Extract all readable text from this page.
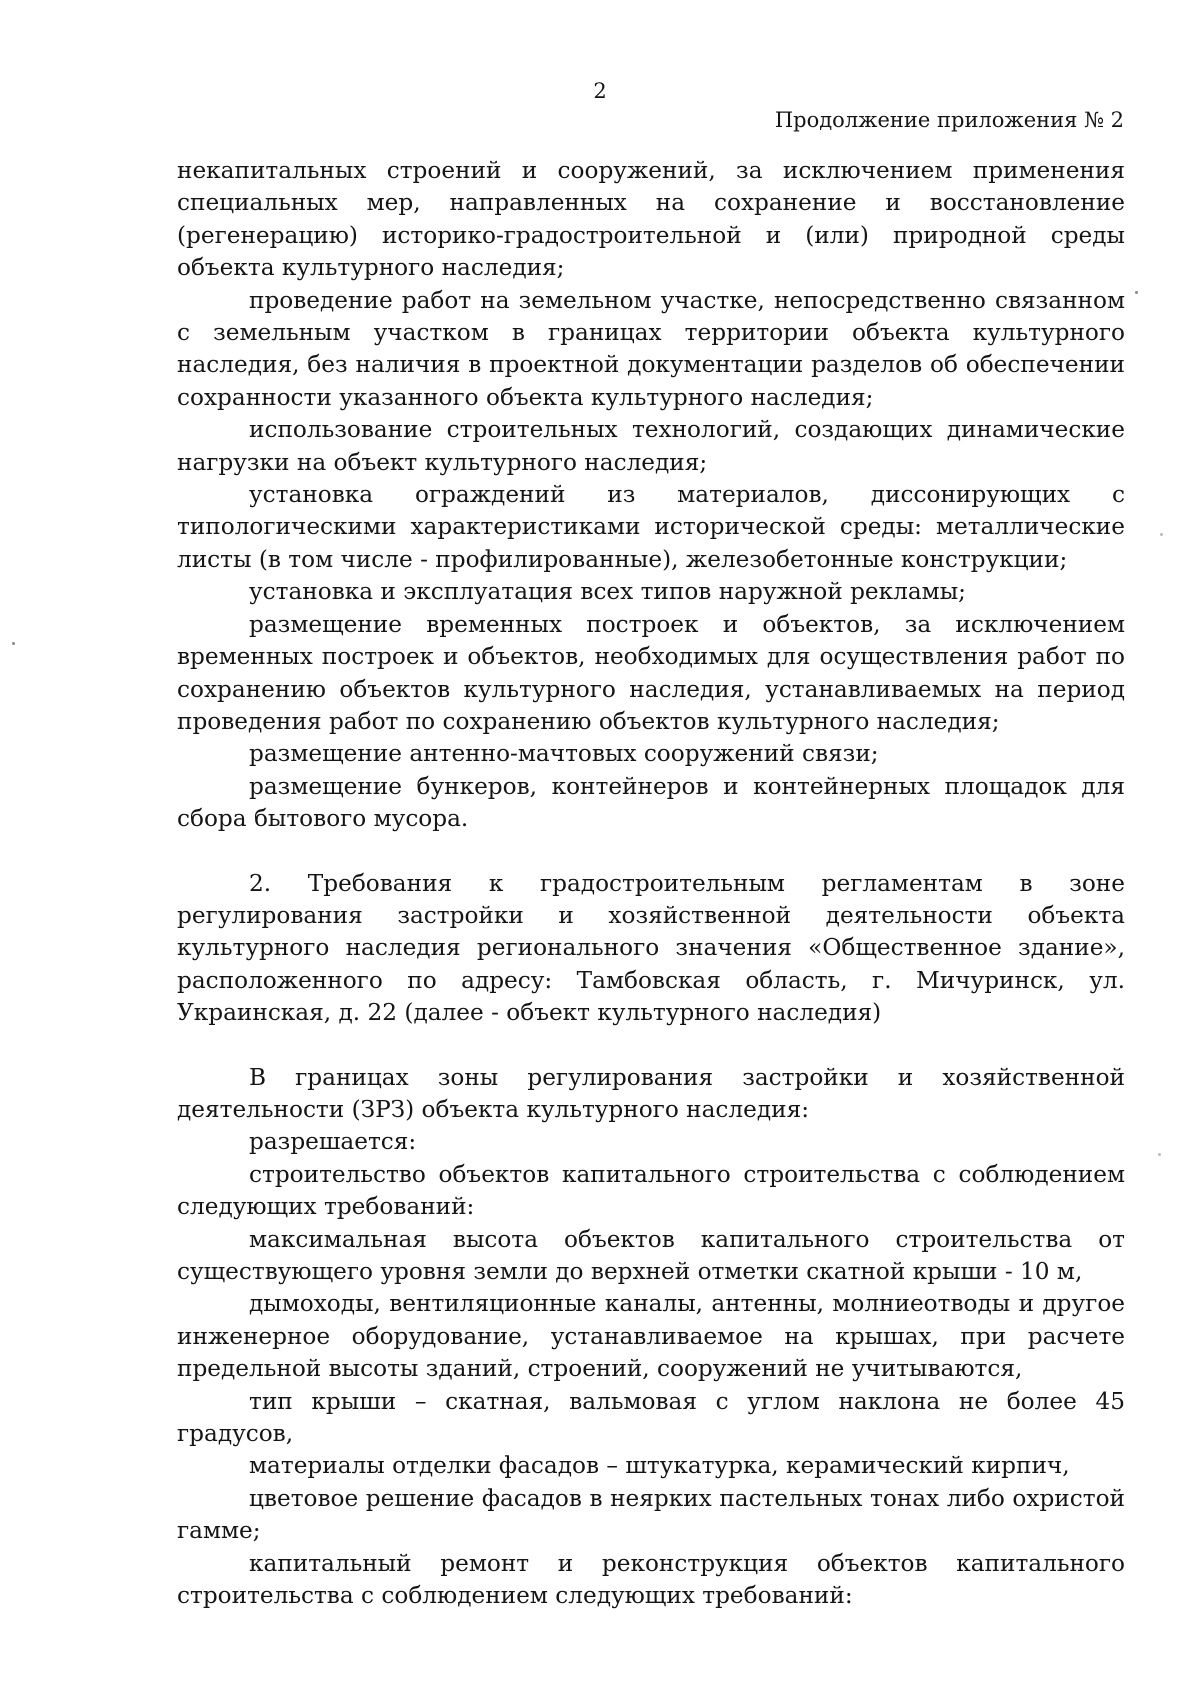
2
Продолжение приложения № 2

некапитальных строений и сооружений, за исключением применения специальных мер, направленных на сохранение и восстановление (регенерацию) историко-градостроительной и (или) природной среды объекта культурного наследия;

проведение работ на земельном участке, непосредственно связанном с земельным участком в границах территории объекта культурного наследия, без наличия в проектной документации разделов об обеспечении сохранности указанного объекта культурного наследия;

использование строительных технологий, создающих динамические нагрузки на объект культурного наследия;

установка ограждений из материалов, диссонирующих с типологическими характеристиками исторической среды: металлические листы (в том числе - профилированные), железобетонные конструкции;

установка и эксплуатация всех типов наружной рекламы;

размещение временных построек и объектов, за исключением временных построек и объектов, необходимых для осуществления работ по сохранению объектов культурного наследия, устанавливаемых на период проведения работ по сохранению объектов культурного наследия;

размещение антенно-мачтовых сооружений связи;

размещение бункеров, контейнеров и контейнерных площадок для сбора бытового мусора.

2. Требования к градостроительным регламентам в зоне регулирования застройки и хозяйственной деятельности объекта культурного наследия регионального значения «Общественное здание», расположенного по адресу: Тамбовская область, г. Мичуринск, ул. Украинская, д. 22 (далее - объект культурного наследия)

В границах зоны регулирования застройки и хозяйственной деятельности (ЗРЗ) объекта культурного наследия:

разрешается:

строительство объектов капитального строительства с соблюдением следующих требований:

максимальная высота объектов капитального строительства от существующего уровня земли до верхней отметки скатной крыши - 10 м,

дымоходы, вентиляционные каналы, антенны, молниеотводы и другое инженерное оборудование, устанавливаемое на крышах, при расчете предельной высоты зданий, строений, сооружений не учитываются,

тип крыши – скатная, вальмовая с углом наклона не более 45 градусов,

материалы отделки фасадов – штукатурка, керамический кирпич,

цветовое решение фасадов в неярких пастельных тонах либо охристой гамме;

капитальный ремонт и реконструкция объектов капитального строительства с соблюдением следующих требований:
